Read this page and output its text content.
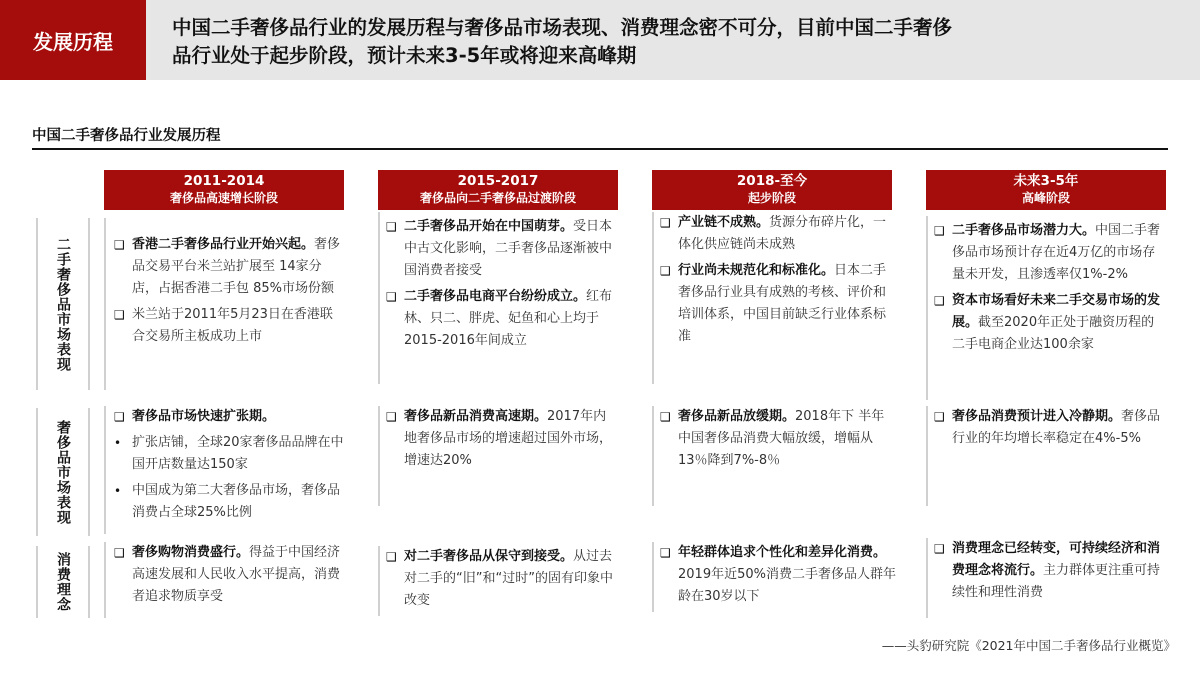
发展历程
中国二手奢侈品行业的发展历程与奢侈品市场表现、消费理念密不可分，目前中国二手奢侈
品行业处于起步阶段，预计未来3-5年或将迎来高峰期
中国二手奢侈品行业发展历程
2011-2014
奢侈品高速增长阶段
2015-2017
奢侈品向二手奢侈品过渡阶段
2018-至今
起步阶段
未来3-5年
高峰阶段
二手奢侈品市场表现
奢侈品市场表现
消费理念
❑ 香港二手奢侈品行业开始兴起。奢侈品交易平台米兰站扩展至 14家分店，占据香港二手包 85%市场份额
❑ 米兰站于2011年5月23日在香港联合交易所主板成功上市
❑ 二手奢侈品开始在中国萌芽。受日本中古文化影响，二手奢侈品逐渐被中国消费者接受
❑ 二手奢侈品电商平台纷纷成立。红布林、只二、胖虎、妃鱼和心上均于2015-2016年间成立
❑ 产业链不成熟。货源分布碎片化，一体化供应链尚未成熟
❑ 行业尚未规范化和标准化。日本二手奢侈品行业具有成熟的考核、评价和培训体系，中国目前缺乏行业体系标准
❑ 二手奢侈品市场潜力大。中国二手奢侈品市场预计存在近4万亿的市场存量未开发，且渗透率仅1%-2%
❑ 资本市场看好未来二手交易市场的发展。截至2020年正处于融资历程的二手电商企业达100余家
❑ 奢侈品市场快速扩张期。
• 扩张店铺，全球20家奢侈品品牌在中国开店数量达150家
• 中国成为第二大奢侈品市场，奢侈品消费占全球25%比例
❑ 奢侈品新品消费高速期。2017年内地奢侈品市场的增速超过国外市场， 增速达20%
❑ 奢侈品新品放缓期。2018年下 半年中国奢侈品消费大幅放缓，增幅从13％降到7%-8％
❑ 奢侈品消费预计进入冷静期。奢侈品行业的年均增长率稳定在4%-5%
❑ 奢侈购物消费盛行。得益于中国经济高速发展和人民收入水平提高，消费者追求物质享受
❑ 对二手奢侈品从保守到接受。从过去对二手的“旧”和“过时”的固有印象中改变
❑ 年轻群体追求个性化和差异化消费。2019年近50%消费二手奢侈品人群年龄在30岁以下
❑ 消费理念已经转变，可持续经济和消费理念将流行。主力群体更注重可持续性和理性消费
——头豹研究院《2021年中国二手奢侈品行业概览》
